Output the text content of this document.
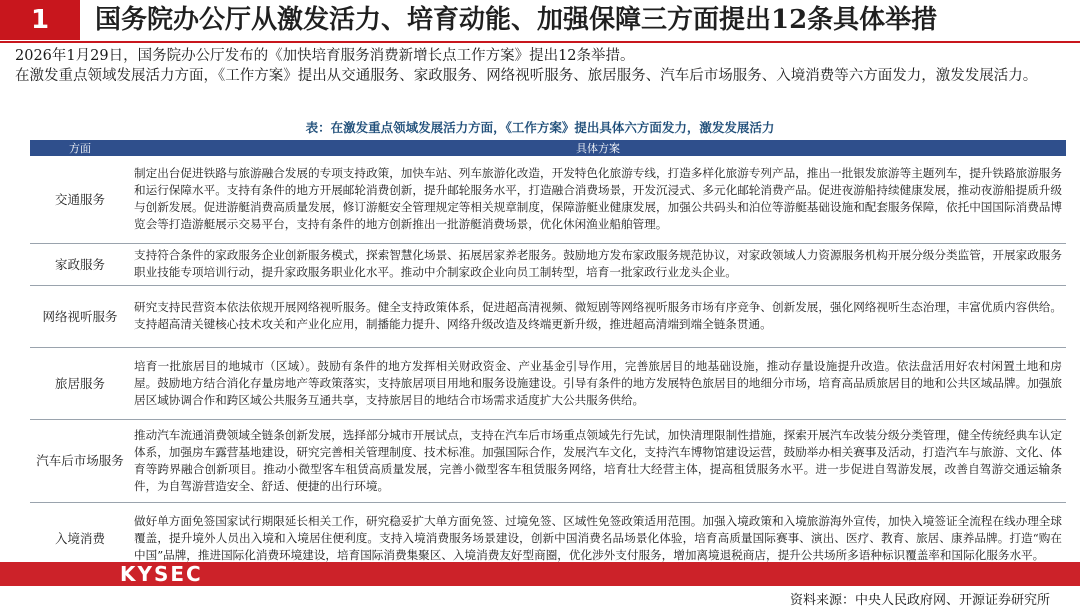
1	国务院办公厅从激发活力、培育动能、加强保障三方面提出12条具体举措

2026年1月29日，国务院办公厅发布的《加快培育服务消费新增长点工作方案》提出12条举措。

在激发重点领域发展活力方面，《工作方案》提出从交通服务、家政服务、网络视听服务、旅居服务、汽车后市场服务、入境消费等六方面发力，激发发展活力。

表：在激发重点领域发展活力方面，《工作方案》提出具体六方面发力，激发发展活力
方面	具体方案
交通服务	制定出台促进铁路与旅游融合发展的专项支持政策，加快车站、列车旅游化改造，开发特色化旅游专线，打造多样化旅游专列产品，推出一批银发旅游等主题列车，提升铁路旅游服务和运行保障水平。支持有条件的地方开展邮轮消费创新，提升邮轮服务水平，打造融合消费场景，开发沉浸式、多元化邮轮消费产品。促进夜游船持续健康发展，推动夜游船提质升级与创新发展。促进游艇消费高质量发展，修订游艇安全管理规定等相关规章制度，保障游艇业健康发展，加强公共码头和泊位等游艇基础设施和配套服务保障，依托中国国际消费品博览会等打造游艇展示交易平台，支持有条件的地方创新推出一批游艇消费场景，优化休闲渔业船舶管理。
家政服务	支持符合条件的家政服务企业创新服务模式，探索智慧化场景、拓展居家养老服务。鼓励地方发布家政服务规范协议，对家政领域人力资源服务机构开展分级分类监管，开展家政服务职业技能专项培训行动，提升家政服务职业化水平。推动中介制家政企业向员工制转型，培育一批家政行业龙头企业。
网络视听服务	研究支持民营资本依法依规开展网络视听服务。健全支持政策体系，促进超高清视频、微短剧等网络视听服务市场有序竞争、创新发展，强化网络视听生态治理，丰富优质内容供给。支持超高清关键核心技术攻关和产业化应用，制播能力提升、网络升级改造及终端更新升级，推进超高清端到端全链条贯通。
旅居服务	培育一批旅居目的地城市（区域）。鼓励有条件的地方发挥相关财政资金、产业基金引导作用，完善旅居目的地基础设施，推动存量设施提升改造。依法盘活用好农村闲置土地和房屋。鼓励地方结合消化存量房地产等政策落实，支持旅居项目用地和服务设施建设。引导有条件的地方发展特色旅居目的地细分市场，培育高品质旅居目的地和公共区域品牌。加强旅居区域协调合作和跨区域公共服务互通共享，支持旅居目的地结合市场需求适度扩大公共服务供给。
汽车后市场服务	推动汽车流通消费领域全链条创新发展，选择部分城市开展试点，支持在汽车后市场重点领域先行先试，加快清理限制性措施，探索开展汽车改装分级分类管理，健全传统经典车认定体系，加强房车露营基地建设，研究完善相关管理制度、技术标准。加强国际合作，发展汽车文化，支持汽车博物馆建设运营，鼓励举办相关赛事及活动，打造汽车与旅游、文化、体育等跨界融合创新项目。推动小微型客车租赁高质量发展，完善小微型客车租赁服务网络，培育壮大经营主体，提高租赁服务水平。进一步促进自驾游发展，改善自驾游交通运输条件，为自驾游营造安全、舒适、便捷的出行环境。
入境消费	做好单方面免签国家试行期限延长相关工作，研究稳妥扩大单方面免签、过境免签、区域性免签政策适用范围。加强入境政策和入境旅游海外宣传，加快入境签证全流程在线办理全球覆盖，提升境外人员出入境和入境居住便利度。支持入境消费服务场景建设，创新中国消费名品场景化体验，培育高质量国际赛事、演出、医疗、教育、旅居、康养品牌。打造“购在中国”品牌，推进国际化消费环境建设，培育国际消费集聚区、入境消费友好型商圈，优化涉外支付服务，增加离境退税商店，提升公共场所多语种标识覆盖率和国际化服务水平。
KYSEC
资料来源：中央人民政府网、开源证券研究所
